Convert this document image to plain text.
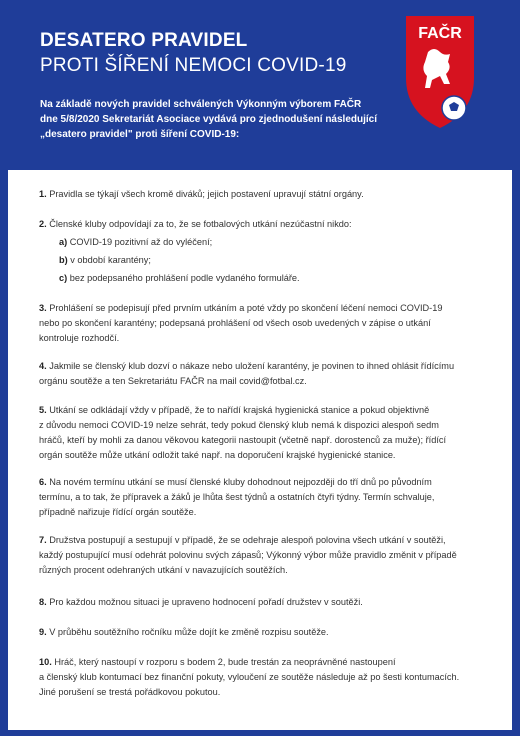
DESATERO PRAVIDEL
PROTI ŠÍŘENÍ NEMOCI COVID-19
Na základě nových pravidel schválených Výkonným výborem FAČR
dne 5/8/2020 Sekretariát Asociace vydává pro zjednodušení následující
„desatero pravidel" proti šíření COVID-19:
FAČR
1. Pravidla se týkají všech kromě diváků; jejich postavení upravují státní orgány.
2. Členské kluby odpovídají za to, že se fotbalových utkání nezúčastní nikdo:
a) COVID-19 pozitivní až do vyléčení;
b) v období karantény;
c) bez podepsaného prohlášení podle vydaného formuláře.
3. Prohlášení se podepisují před prvním utkáním a poté vždy po skončení léčení nemoci COVID-19
nebo po skončení karantény; podepsaná prohlášení od všech osob uvedených v zápise o utkání
kontroluje rozhodčí.
4. Jakmile se členský klub dozví o nákaze nebo uložení karantény, je povinen to ihned ohlásit řídícímu
orgánu soutěže a ten Sekretariátu FAČR na mail covid@fotbal.cz.
5. Utkání se odkládají vždy v případě, že to nařídí krajská hygienická stanice a pokud objektivně
z důvodu nemoci COVID-19 nelze sehrát, tedy pokud členský klub nemá k dispozici alespoň sedm
hráčů, kteří by mohli za danou věkovou kategorii nastoupit (včetně např. dorostenců za muže); řídící
orgán soutěže může utkání odložit také např. na doporučení krajské hygienické stanice.
6. Na novém termínu utkání se musí členské kluby dohodnout nejpozději do tří dnů po původním
termínu, a to tak, že přípravek a žáků je lhůta šest týdnů a ostatních čtyři týdny. Termín schvaluje,
případně nařizuje řídící orgán soutěže.
7. Družstva postupují a sestupují v případě, že se odehraje alespoň polovina všech utkání v soutěži,
každý postupující musí odehrát polovinu svých zápasů; Výkonný výbor může pravidlo změnit v případě
různých procent odehraných utkání v navazujících soutěžích.
8. Pro každou možnou situaci je upraveno hodnocení pořadí družstev v soutěži.
9. V průběhu soutěžního ročníku může dojít ke změně rozpisu soutěže.
10. Hráč, který nastoupí v rozporu s bodem 2, bude trestán za neoprávněné nastoupení
a členský klub kontumací bez finanční pokuty, vyloučení ze soutěže následuje až po šesti kontumacích.
Jiné porušení se trestá pořádkovou pokutou.
